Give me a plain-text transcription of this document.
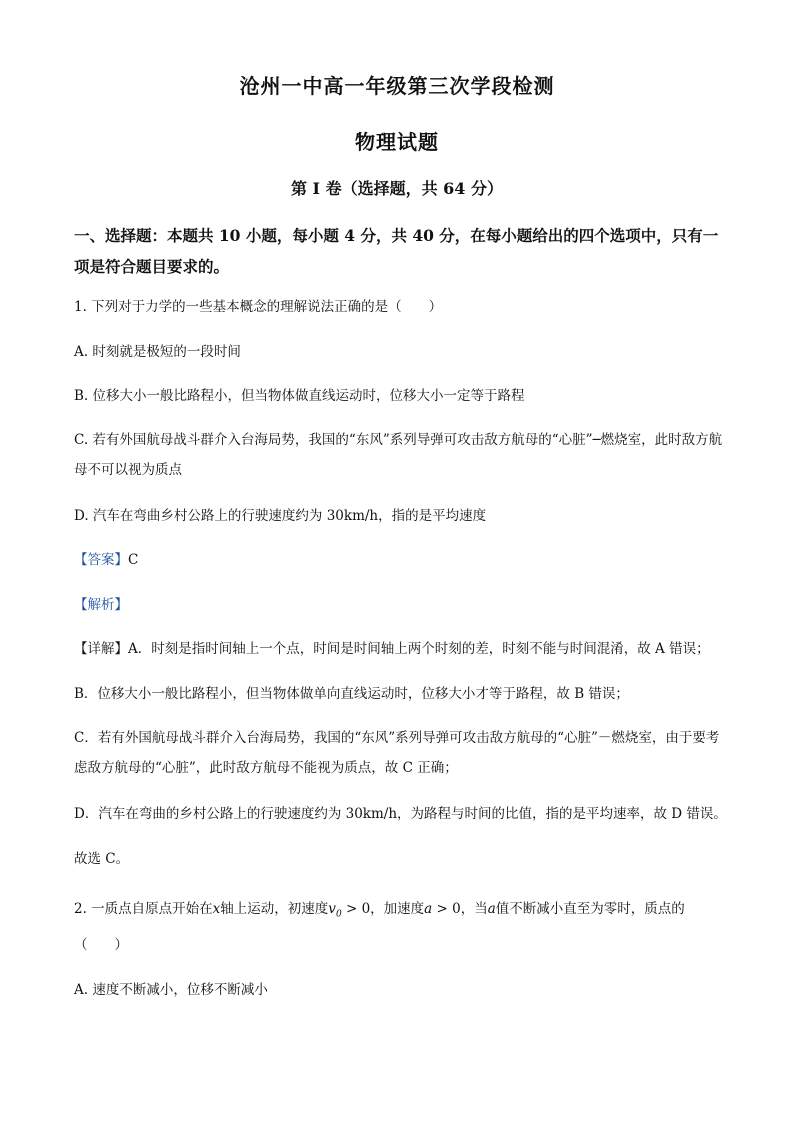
沧州一中高一年级第三次学段检测
物理试题
第 I 卷（选择题，共 64 分）
一、选择题：本题共 10 小题，每小题 4 分，共 40 分，在每小题给出的四个选项中，只有一项是符合题目要求的。
1. 下列对于力学的一些基本概念的理解说法正确的是（　　）
A. 时刻就是极短的一段时间
B. 位移大小一般比路程小，但当物体做直线运动时，位移大小一定等于路程
C. 若有外国航母战斗群介入台海局势，我国的“东风”系列导弹可攻击敌方航母的“心脏”─燃烧室，此时敌方航母不可以视为质点
D. 汽车在弯曲乡村公路上的行驶速度约为 30km/h，指的是平均速度
【答案】C
【解析】
【详解】A．时刻是指时间轴上一个点，时间是时间轴上两个时刻的差，时刻不能与时间混淆，故 A 错误；
B．位移大小一般比路程小，但当物体做单向直线运动时，位移大小才等于路程，故 B 错误；
C．若有外国航母战斗群介入台海局势，我国的“东风”系列导弹可攻击敌方航母的“心脏”－燃烧室，由于要考虑敌方航母的“心脏”，此时敌方航母不能视为质点，故 C 正确；
D．汽车在弯曲的乡村公路上的行驶速度约为 30km/h，为路程与时间的比值，指的是平均速率，故 D 错误。
故选 C。
2. 一质点自原点开始在x轴上运动，初速度$v_0 > 0$，加速度a > 0，当a值不断减小直至为零时，质点的
（　　）
A. 速度不断减小，位移不断减小
